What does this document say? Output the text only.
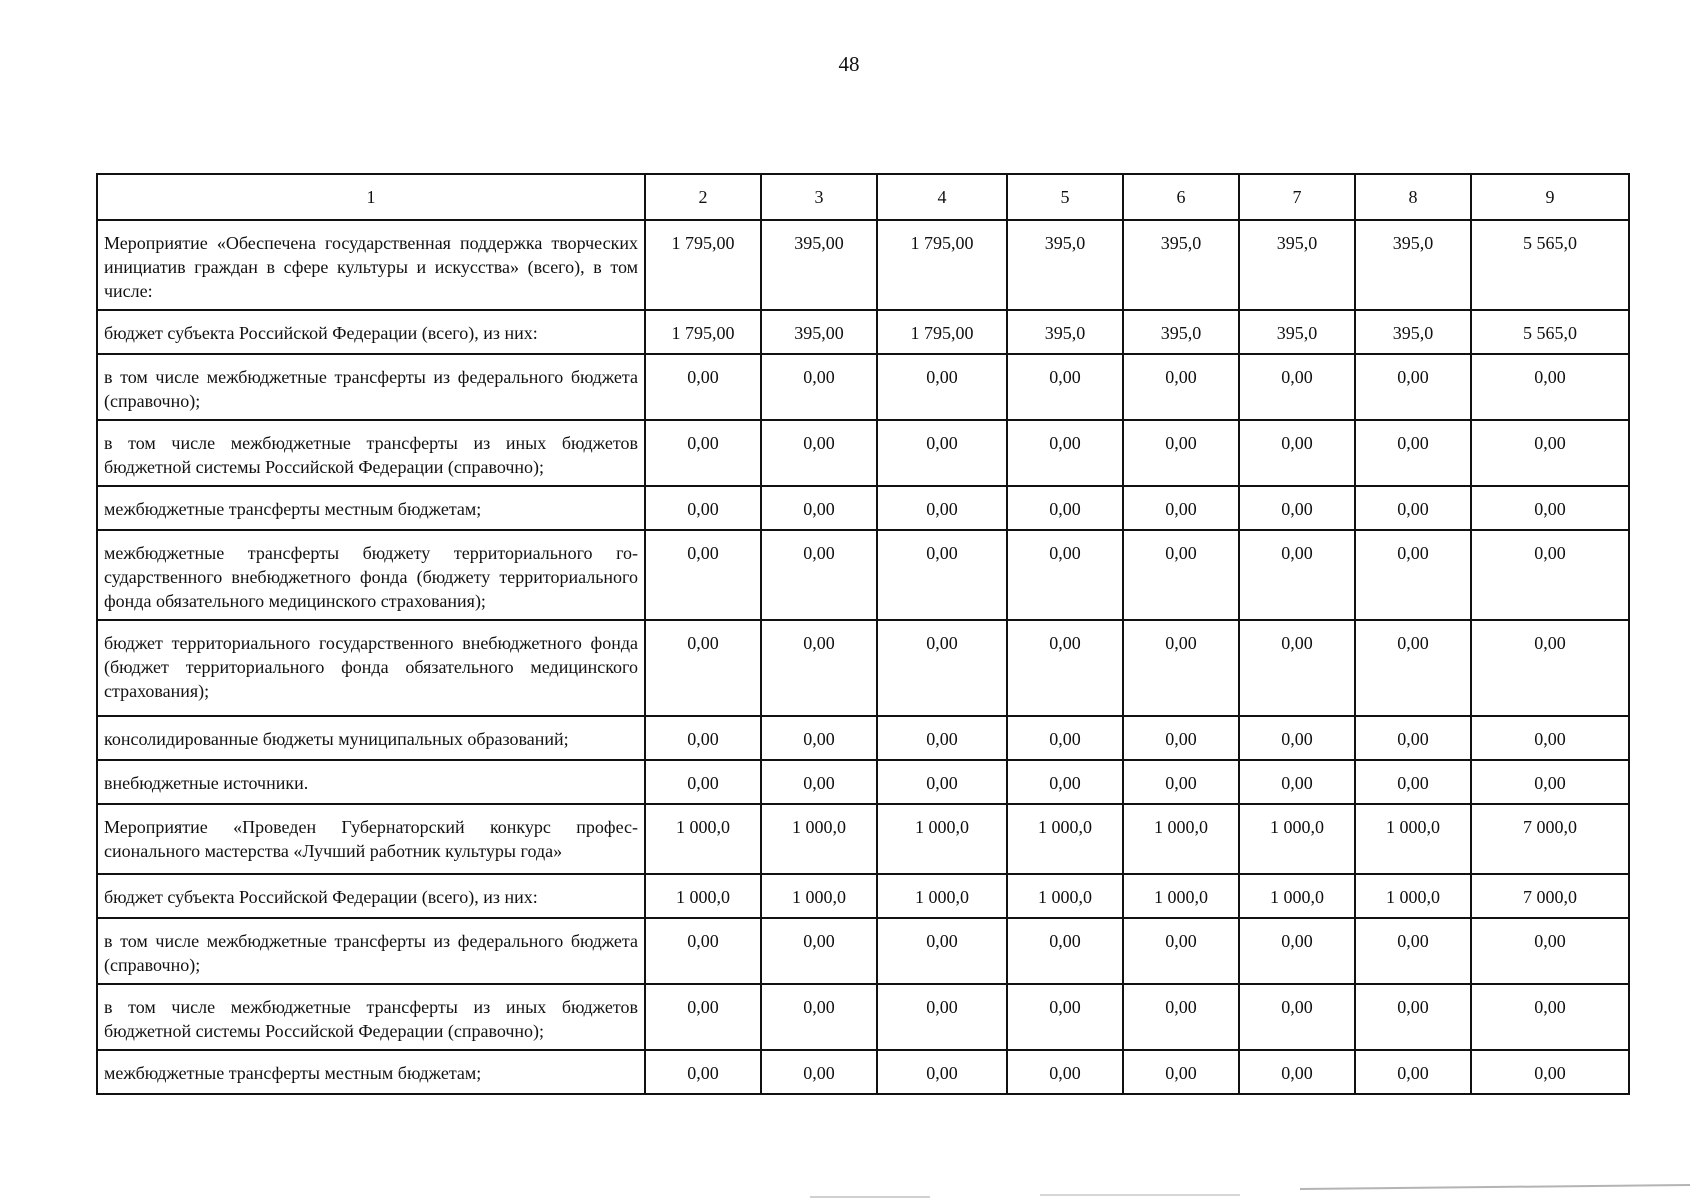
48
1	2	3	4	5	6	7	8	9
Мероприятие «Обеспечена государственная поддержка творческих инициатив граждан в сфере культуры и искусства» (всего), в том числе:	1 795,00	395,00	1 795,00	395,0	395,0	395,0	395,0	5 565,0
бюджет субъекта Российской Федерации (всего), из них:	1 795,00	395,00	1 795,00	395,0	395,0	395,0	395,0	5 565,0
в том числе межбюджетные трансферты из федерального бюджета (справочно);	0,00	0,00	0,00	0,00	0,00	0,00	0,00	0,00
в том числе межбюджетные трансферты из иных бюджетов бюджетной системы Российской Федерации (справочно);	0,00	0,00	0,00	0,00	0,00	0,00	0,00	0,00
межбюджетные трансферты местным бюджетам;	0,00	0,00	0,00	0,00	0,00	0,00	0,00	0,00
межбюджетные трансферты бюджету территориального государственного внебюджетного фонда (бюджету территориального фонда обязательного медицинского страхования);	0,00	0,00	0,00	0,00	0,00	0,00	0,00	0,00
бюджет территориального государственного внебюджетного фонда (бюджет территориального фонда обязательного медицинского страхования);	0,00	0,00	0,00	0,00	0,00	0,00	0,00	0,00
консолидированные бюджеты муниципальных образований;	0,00	0,00	0,00	0,00	0,00	0,00	0,00	0,00
внебюджетные источники.	0,00	0,00	0,00	0,00	0,00	0,00	0,00	0,00
Мероприятие «Проведен Губернаторский конкурс профессионального мастерства «Лучший работник культуры года»	1 000,0	1 000,0	1 000,0	1 000,0	1 000,0	1 000,0	1 000,0	7 000,0
бюджет субъекта Российской Федерации (всего), из них:	1 000,0	1 000,0	1 000,0	1 000,0	1 000,0	1 000,0	1 000,0	7 000,0
в том числе межбюджетные трансферты из федерального бюджета (справочно);	0,00	0,00	0,00	0,00	0,00	0,00	0,00	0,00
в том числе межбюджетные трансферты из иных бюджетов бюджетной системы Российской Федерации (справочно);	0,00	0,00	0,00	0,00	0,00	0,00	0,00	0,00
межбюджетные трансферты местным бюджетам;	0,00	0,00	0,00	0,00	0,00	0,00	0,00	0,00
